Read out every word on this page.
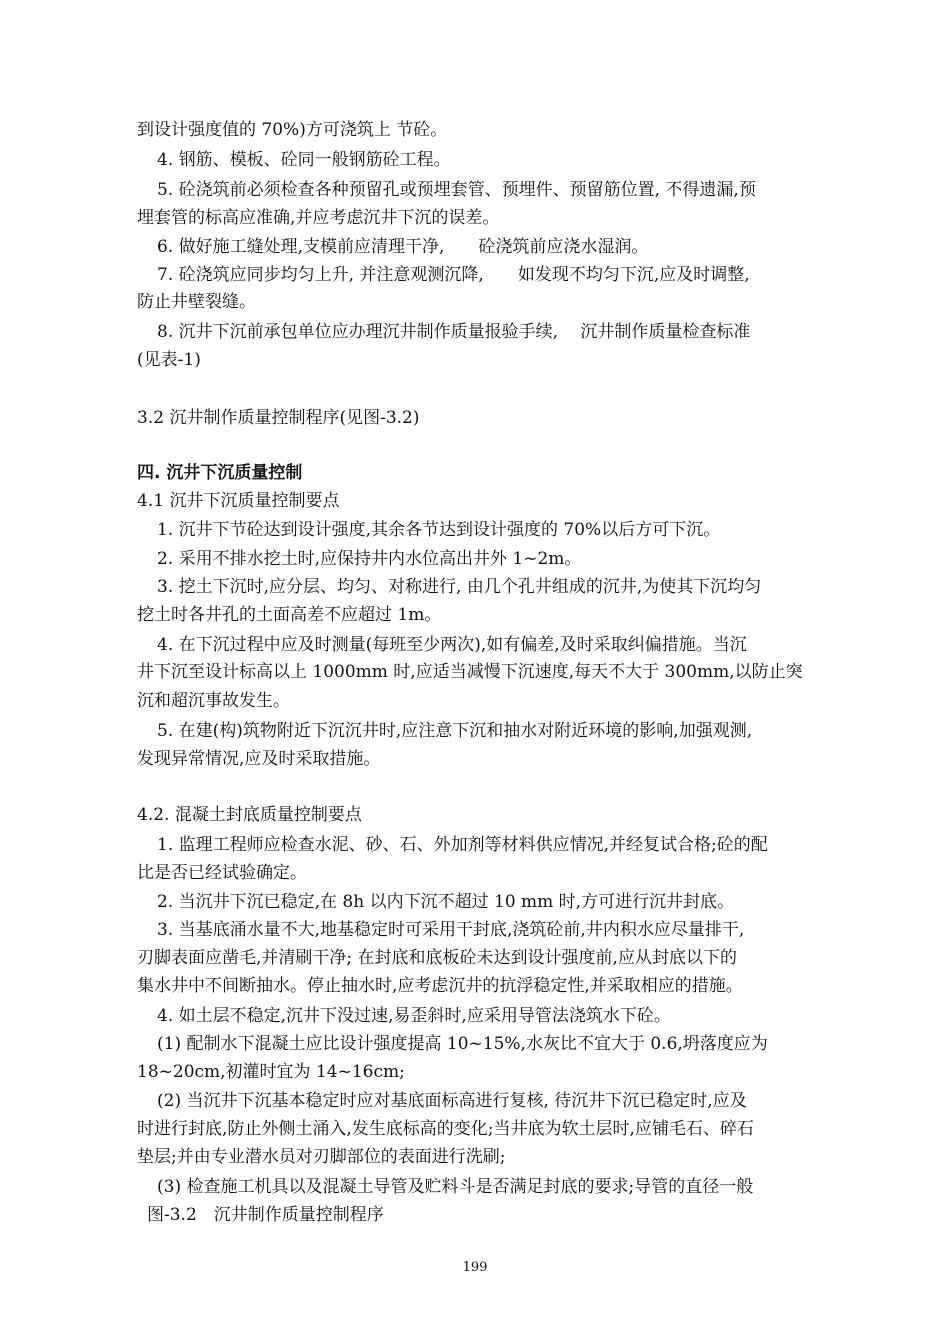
到设计强度值的 70%)方可浇筑上 节砼。
4. 钢筋、模板、砼同一般钢筋砼工程。
5. 砼浇筑前必须检查各种预留孔或预埋套管、预埋件、预留筋位置, 不得遗漏,预
埋套管的标高应准确,并应考虑沉井下沉的误差。
6. 做好施工缝处理,支模前应清理干净,　　砼浇筑前应浇水湿润。
7. 砼浇筑应同步均匀上升, 并注意观测沉降,　　如发现不均匀下沉,应及时调整,
防止井壁裂缝。
8. 沉井下沉前承包单位应办理沉井制作质量报验手续,　 沉井制作质量检查标准
(见表-1)
3.2 沉井制作质量控制程序(见图-3.2)
四. 沉井下沉质量控制
4.1 沉井下沉质量控制要点
1. 沉井下节砼达到设计强度,其余各节达到设计强度的 70%以后方可下沉。
2. 采用不排水挖土时,应保持井内水位高出井外 1~2m。
3. 挖土下沉时,应分层、均匀、对称进行, 由几个孔井组成的沉井,为使其下沉均匀
挖土时各井孔的土面高差不应超过 1m。
4. 在下沉过程中应及时测量(每班至少两次),如有偏差,及时采取纠偏措施。当沉
井下沉至设计标高以上 1000mm 时,应适当减慢下沉速度,每天不大于 300mm,以防止突
沉和超沉事故发生。
5. 在建(构)筑物附近下沉沉井时,应注意下沉和抽水对附近环境的影响,加强观测,
发现异常情况,应及时采取措施。
4.2. 混凝土封底质量控制要点
1. 监理工程师应检查水泥、砂、石、外加剂等材料供应情况,并经复试合格;砼的配
比是否已经试验确定。
2. 当沉井下沉已稳定,在 8h 以内下沉不超过 10 mm 时,方可进行沉井封底。
3. 当基底涌水量不大,地基稳定时可采用干封底,浇筑砼前,井内积水应尽量排干,
刃脚表面应凿毛,并清刷干净; 在封底和底板砼未达到设计强度前,应从封底以下的
集水井中不间断抽水。停止抽水时,应考虑沉井的抗浮稳定性,并采取相应的措施。
4. 如土层不稳定,沉井下没过速,易歪斜时,应采用导管法浇筑水下砼。
(1) 配制水下混凝土应比设计强度提高 10~15%,水灰比不宜大于 0.6,坍落度应为
18~20cm,初灌时宜为 14~16cm;
(2) 当沉井下沉基本稳定时应对基底面标高进行复核, 待沉井下沉已稳定时,应及
时进行封底,防止外侧土涌入,发生底标高的变化;当井底为软土层时,应铺毛石、碎石
垫层;并由专业潜水员对刃脚部位的表面进行洗刷;
(3) 检查施工机具以及混凝土导管及贮料斗是否满足封底的要求;导管的直径一般
图-3.2　沉井制作质量控制程序
199
